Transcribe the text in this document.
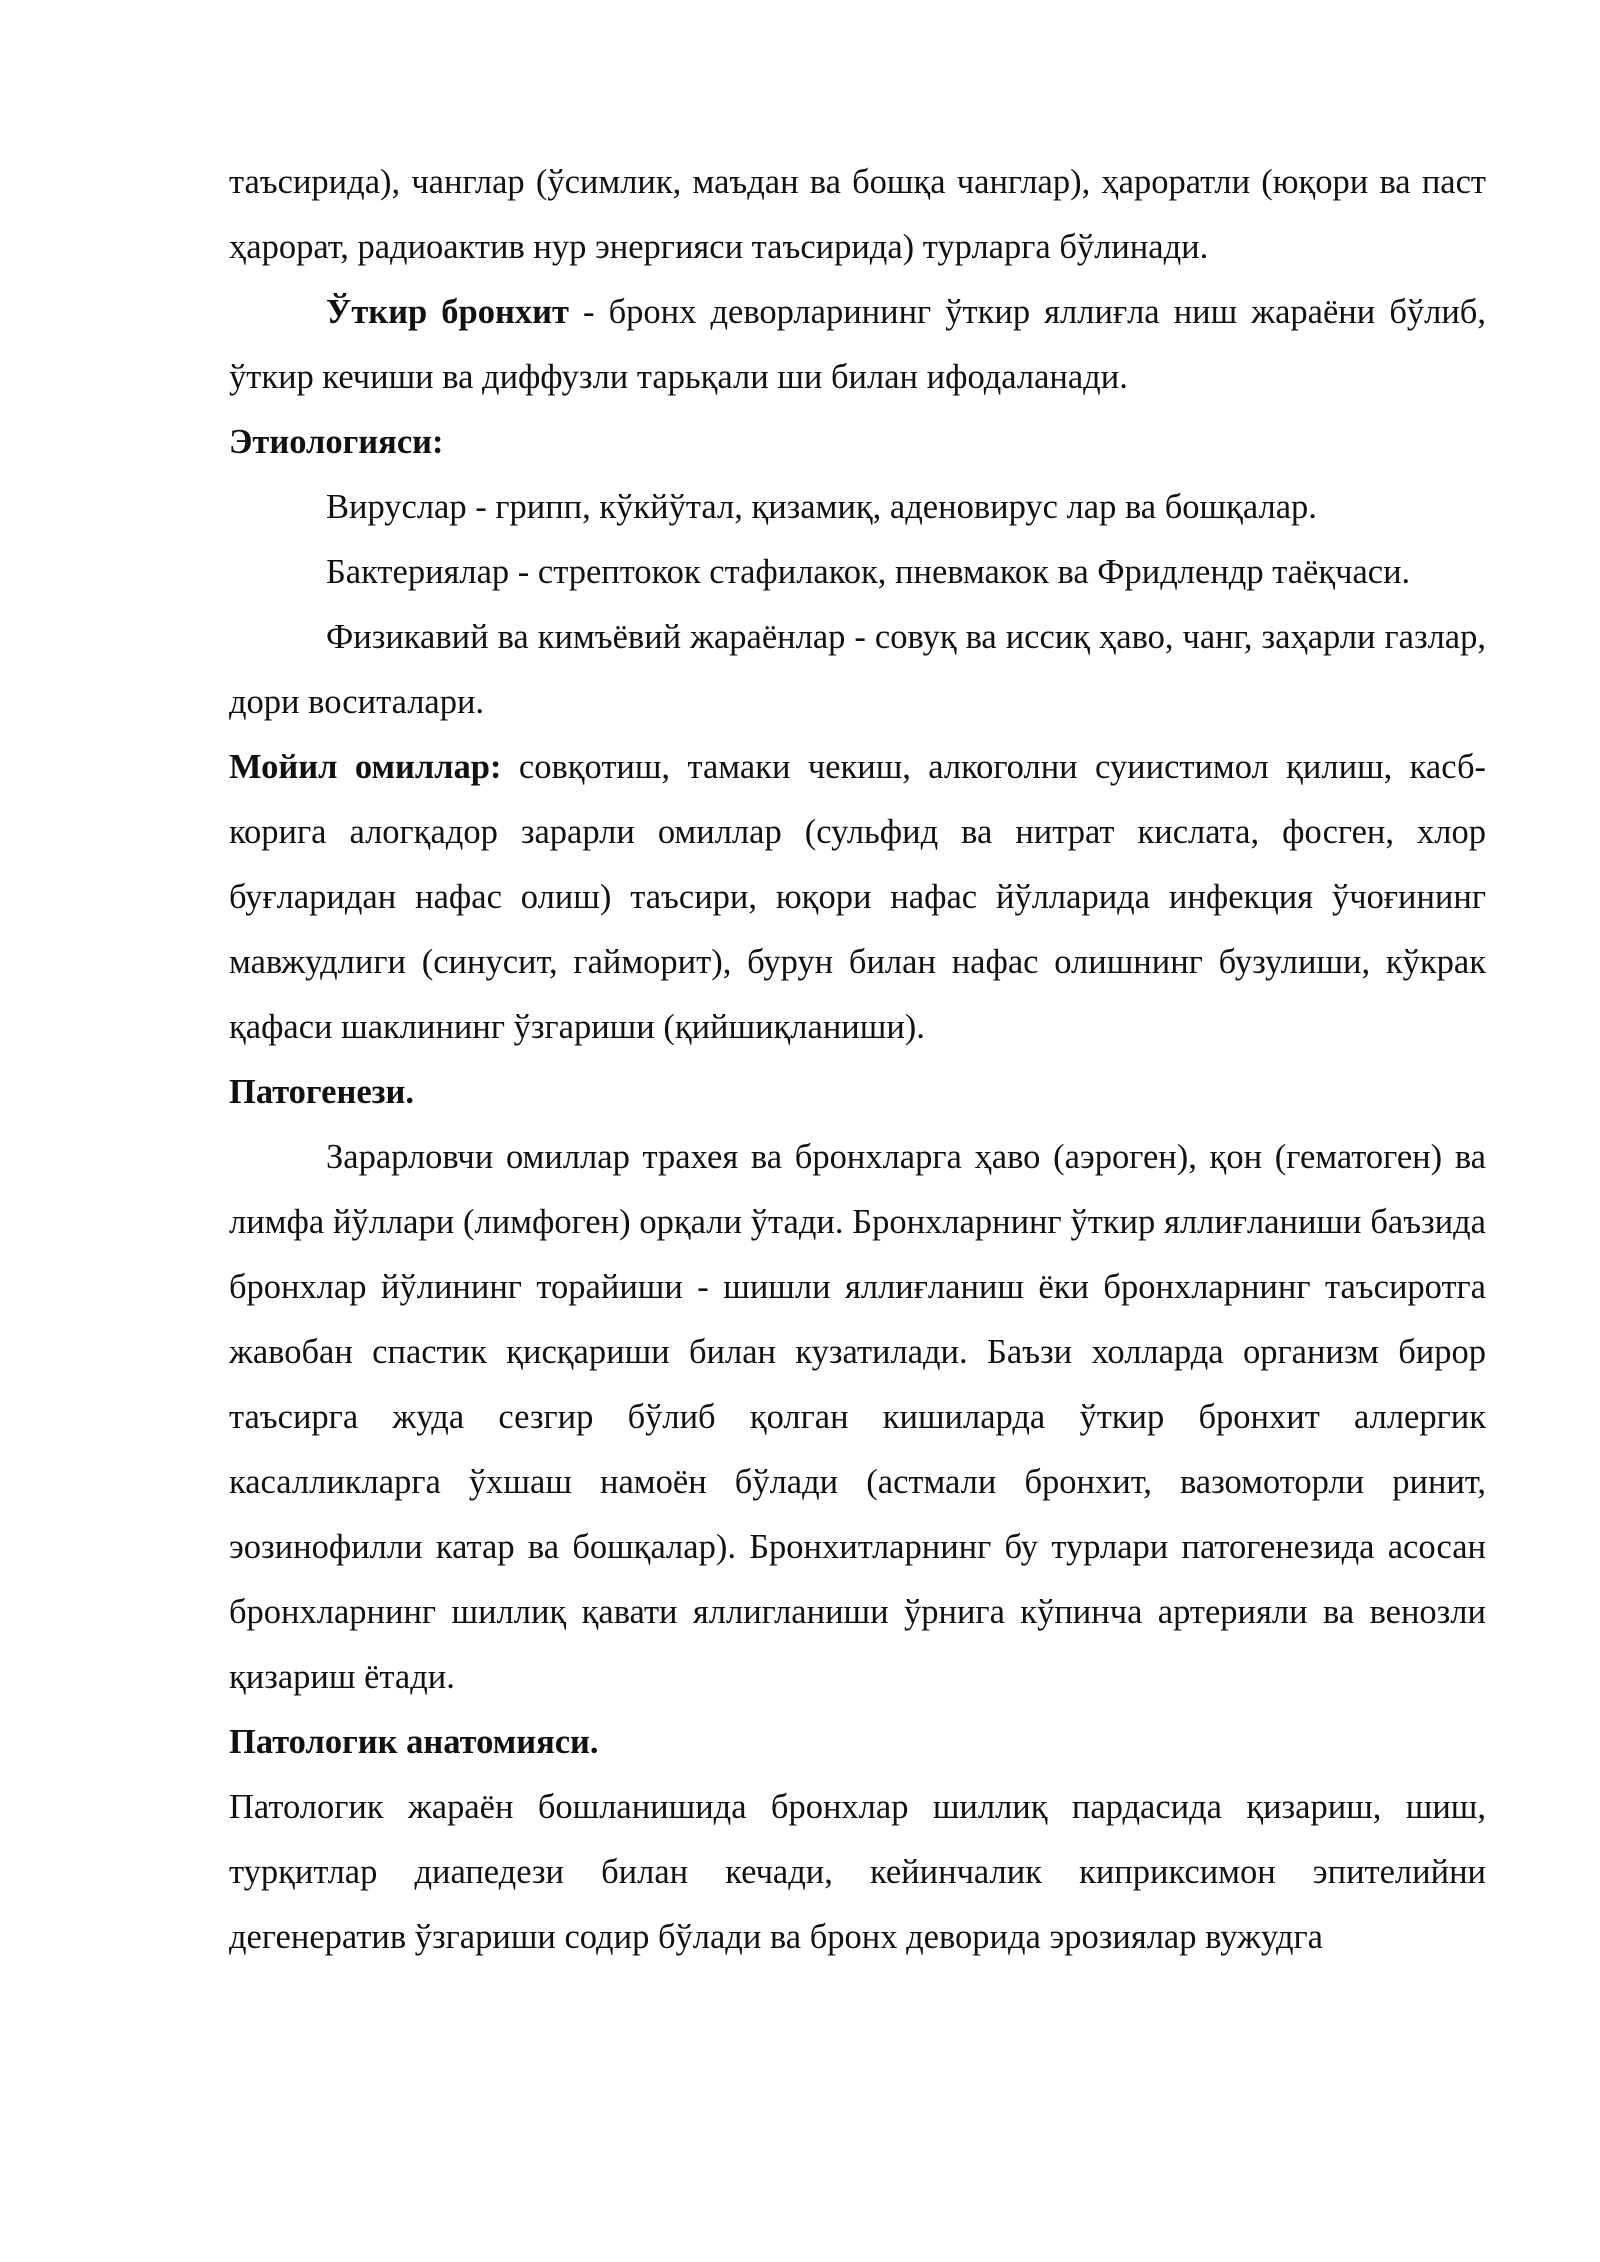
таъсирида), чанглар (ўсимлик, маъдан ва бошқа чанглар), ҳароратли (юқори ва паст ҳарорат, радиоактив нур энергияси таъсирида) турларга бўлинади.

Ўткир бронхит - бронх деворларининг ўткир яллиғла ниш жараёни бўлиб, ўткир кечиши ва диффузли тарьқали ши билан ифодаланади.

Этиологияси:

Вируслар - грипп, кўкйўтал, қизамиқ, аденовирус лар ва бошқалар.

Бактериялар - стрептокок стафилакок, пневмакок ва Фридлендр таёқчаси.

Физикавий ва кимъёвий жараёнлар - совуқ ва иссиқ ҳаво, чанг, заҳарли газлар, дори воситалари.

Мойил омиллар: совқотиш, тамаки чекиш, алкоголни суиистимол қилиш, касб-корига алогқадор зарарли омиллар (сульфид ва нитрат кислата, фосген, хлор буғларидан нафас олиш) таъсири, юқори нафас йўлларида инфекция ўчоғининг мавжудлиги (синусит, гайморит), бурун билан нафас олишнинг бузулиши, кўкрак қафаси шаклининг ўзгариши (қийшиқланиши).

Патогенези.

Зарарловчи омиллар трахея ва бронхларга ҳаво (аэроген), қон (гематоген) ва лимфа йўллари (лимфоген) орқали ўтади. Бронхларнинг ўткир яллиғланиши баъзида бронхлар йўлининг торайиши - шишли яллиғланиш ёки бронхларнинг таъсиротга жавобан спастик қисқариши билан кузатилади. Баъзи холларда организм бирор таъсирга жуда сезгир бўлиб қолган кишиларда ўткир бронхит аллергик касалликларга ўхшаш намоён бўлади (астмали бронхит, вазомоторли ринит, эозинофилли катар ва бошқалар). Бронхитларнинг бу турлари патогенезида асосан бронхларнинг шиллиқ қавати яллигланиши ўрнига кўпинча артерияли ва венозли қизариш ётади.

Патологик анатомияси.

Патологик жараён бошланишида бронхлар шиллиқ пардасида қизариш, шиш, турқитлар диапедези билан кечади, кейинчалик киприксимон эпителийни дегенератив ўзгариши содир бўлади ва бронх деворида эрозиялар вужудга
